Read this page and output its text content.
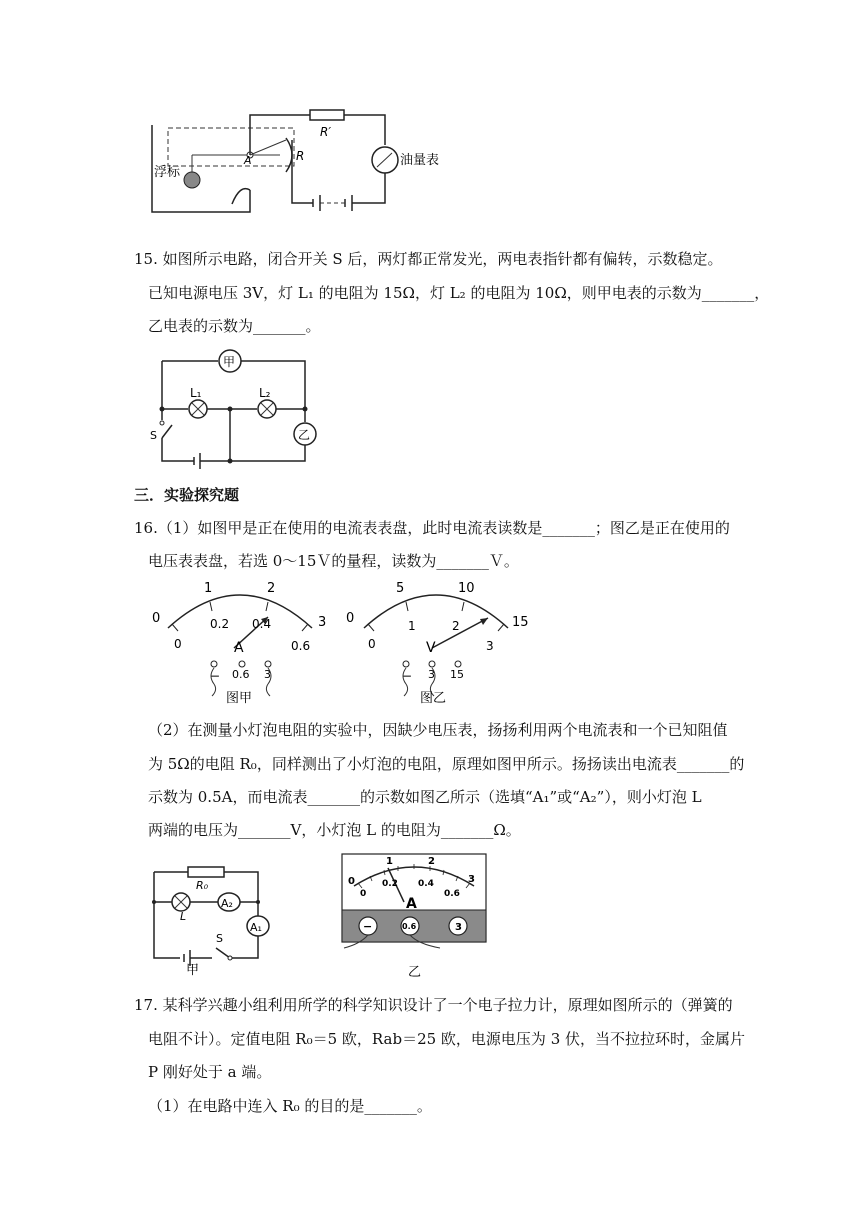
R′
R
A
浮标
油量表
15. 如图所示电路，闭合开关 S 后，两灯都正常发光，两电表指针都有偏转，示数稳定。
已知电源电压 3V，灯 L₁ 的电阻为 15Ω，灯 L₂ 的电阻为 10Ω，则甲电表的示数为_______，
乙电表的示数为_______。
甲
乙
L₁	L₂
S
三．实验探究题
16.（1）如图甲是正在使用的电流表表盘，此时电流表读数是_______；图乙是正在使用的
电压表表盘，若选 0～15Ｖ的量程，读数为_______Ｖ。
0
1	2
3
0
0.2 0.4
0.6
A
− 0.6 3
图甲
0
5	10
15
0
1	2
3
V
− 3 15
图乙
（2）在测量小灯泡电阻的实验中，因缺少电压表，扬扬利用两个电流表和一个已知阻值
为 5Ω的电阻 R₀，同样测出了小灯泡的电阻，原理如图甲所示。扬扬读出电流表_______的
示数为 0.5A，而电流表_______的示数如图乙所示（选填“A₁”或“A₂”），则小灯泡 L
两端的电压为_______V，小灯泡 L 的电阻为_______Ω。
R₀
A₂
A₁
L
S
甲
0
1	2
3
0
0.2 0.4
0.6
A
−	0.6	3
乙
17. 某科学兴趣小组利用所学的科学知识设计了一个电子拉力计，原理如图所示的（弹簧的
电阻不计）。定值电阻 R₀＝5 欧，Rab＝25 欧，电源电压为 3 伏，当不拉拉环时，金属片
P 刚好处于 a 端。
（1）在电路中连入 R₀ 的目的是_______。
